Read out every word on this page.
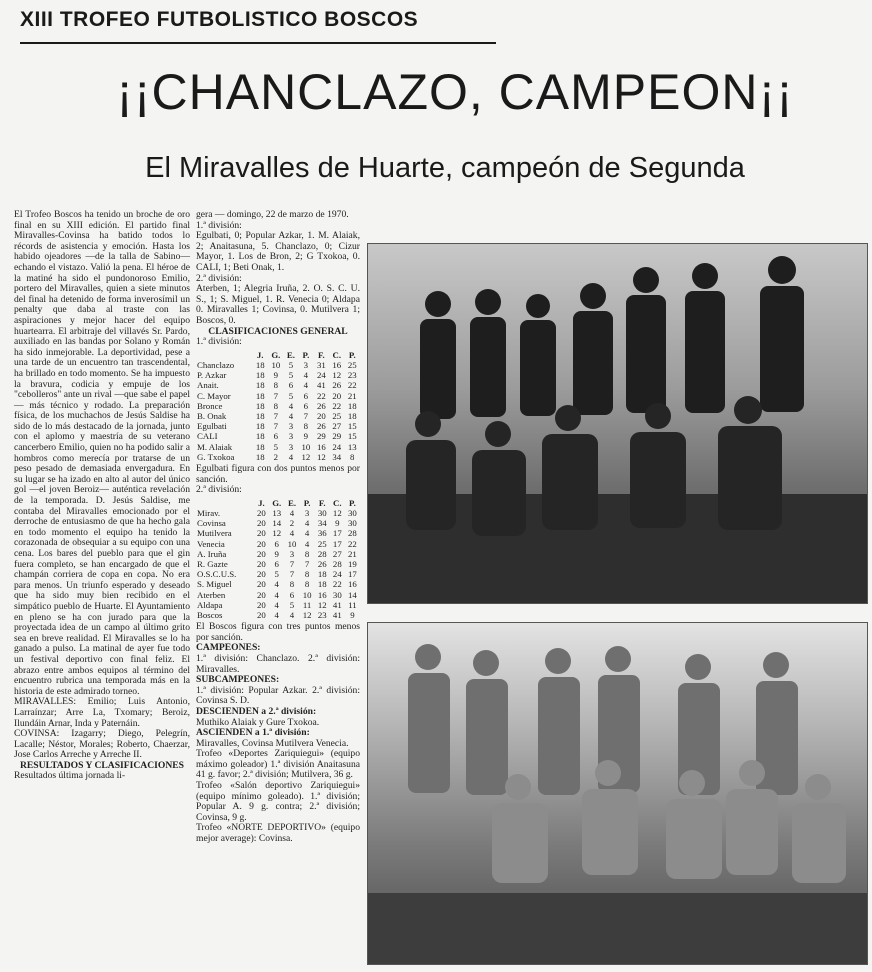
XIII TROFEO FUTBOLISTICO BOSCOS
¡¡CHANCLAZO, CAMPEON¡¡
El Miravalles de Huarte, campeón de Segunda

El Trofeo Boscos ha tenido un broche de oro final en su XIII edición. El partido final Miravalles-Covinsa ha batido todos lo récords de asistencia y emoción. Hasta los habido ojeadores —de la talla de Sabino— echando el vistazo. Valió la pena. El héroe de la matiné ha sido el pundonoroso Emilio, portero del Miravalles, quien a siete minutos del final ha detenido de forma inverosímil un penalty que daba al traste con las aspiraciones y mejor hacer del equipo huartearra. El arbitraje del villavés Sr. Pardo, auxiliado en las bandas por Solano y Román ha sido inmejorable. La deportividad, pese a una tarde de un encuentro tan trascendental, ha brillado en todo momento. Se ha impuesto la bravura, codicia y empuje de los "cebolleros" ante un rival —que sabe el papel— más técnico y rodado. La preparación física, de los muchachos de Jesús Saldise ha sido de lo más destacado de la jornada, junto con el aplomo y maestría de su veterano cancerbero Emilio, quien no ha podido salir a hombros como merecía por tratarse de un peso pesado de demasiada envergadura. En su lugar se ha izado en alto al autor del único gol —el joven Beroiz— auténtica revelación de la temporada. D. Jesús Saldise, me contaba del Miravalles emocionado por el derroche de entusiasmo de que ha hecho gala en todo momento el equipo ha tenido la corazonada de obsequiar a su equipo con una cena. Los bares del pueblo para que el gin fuera completo, se han encargado de que el champán corriera de copa en copa. No era para menos. Un triunfo esperado y deseado que ha sido muy bien recibido en el simpático pueblo de Huarte. El Ayuntamiento en pleno se ha con jurado para que la proyectada idea de un campo al último grito sea en breve realidad. El Miravalles se lo ha ganado a pulso. La matinal de ayer fue todo un festival deportivo con final feliz. El abrazo entre ambos equipos al término del encuentro rubrica una temporada más en la historia de este admirado torneo.

MIRAVALLES: Emilio; Luis Antonio, Larraínzar; Arre La, Txomary; Beroiz, Ilundáin Arnar, Inda y Paternáin.

COVINSA: Izagarry; Diego, Pelegrín, Lacalle; Néstor, Morales; Roberto, Chaerzar, Jose Carlos Arreche y Arreche II.

RESULTADOS Y CLASIFICACIONES

Resultados última jornada li-

gera — domingo, 22 de marzo de 1970.

1.ª división:

Egulbati, 0; Popular Azkar, 1. M. Alaiak, 2; Anaitasuna, 5. Chanclazo, 0; Cizur Mayor, 1. Los de Bron, 2; G Txokoa, 0. CALI, 1; Beti Onak, 1.

2.ª división:

Aterben, 1; Alegria Iruña, 2. O. S. C. U. S., 1; S. Miguel, 1. R. Venecia 0; Aldapa 0. Miravalles 1; Covinsa, 0. Mutilvera 1; Boscos, 0.

CLASIFICACIONES GENERAL

1.ª división:

	J.	G.	E.	P.	F.	C.	P.
Chanclazo	18	10	5	3	31	16	25
P. Azkar	18	9	5	4	24	12	23
Anait.	18	8	6	4	41	26	22
C. Mayor	18	7	5	6	22	20	21
Bronce	18	8	4	6	26	22	18
B. Onak	18	7	4	7	20	25	18
Egulbati	18	7	3	8	26	27	15
CALI	18	6	3	9	29	29	15
M. Alaiak	18	5	3	10	16	24	13
G. Txokoa	18	2	4	12	12	34	8

Egulbati figura con dos puntos menos por sanción.

2.ª división:

	J.	G.	E.	P.	F.	C.	P.
Mirav.	20	13	4	3	30	12	30
Covinsa	20	14	2	4	34	9	30
Mutilvera	20	12	4	4	36	17	28
Venecia	20	6	10	4	25	17	22
A. Iruña	20	9	3	8	28	27	21
R. Gazte	20	6	7	7	26	28	19
O.S.C.U.S.	20	5	7	8	18	24	17
S. Miguel	20	4	8	8	18	22	16
Aterben	20	4	6	10	16	30	14
Aldapa	20	4	5	11	12	41	11
Boscos	20	4	4	12	23	41	9

El Boscos figura con tres puntos menos por sanción.

CAMPEONES:

1.ª división: Chanclazo. 2.ª división: Miravalles.

SUBCAMPEONES:

1.ª división: Popular Azkar. 2.ª división: Covinsa S. D.

DESCIENDEN a 2.ª división:

Muthiko Alaiak y Gure Txokoa.

ASCIENDEN a 1.ª división:

Miravalles, Covinsa Mutilvera Venecia.

Trofeo «Deportes Zariquiegui» (equipo máximo goleador) 1.ª división Anaitasuna 41 g. favor; 2.ª división; Mutilvera, 36 g.

Trofeo «Salón deportivo Zariquiegui» (equipo mínimo goleado). 1.ª división; Popular A. 9 g. contra; 2.ª división; Covinsa, 9 g.

Trofeo «NORTE DEPORTIVO» (equipo mejor average): Covinsa.
